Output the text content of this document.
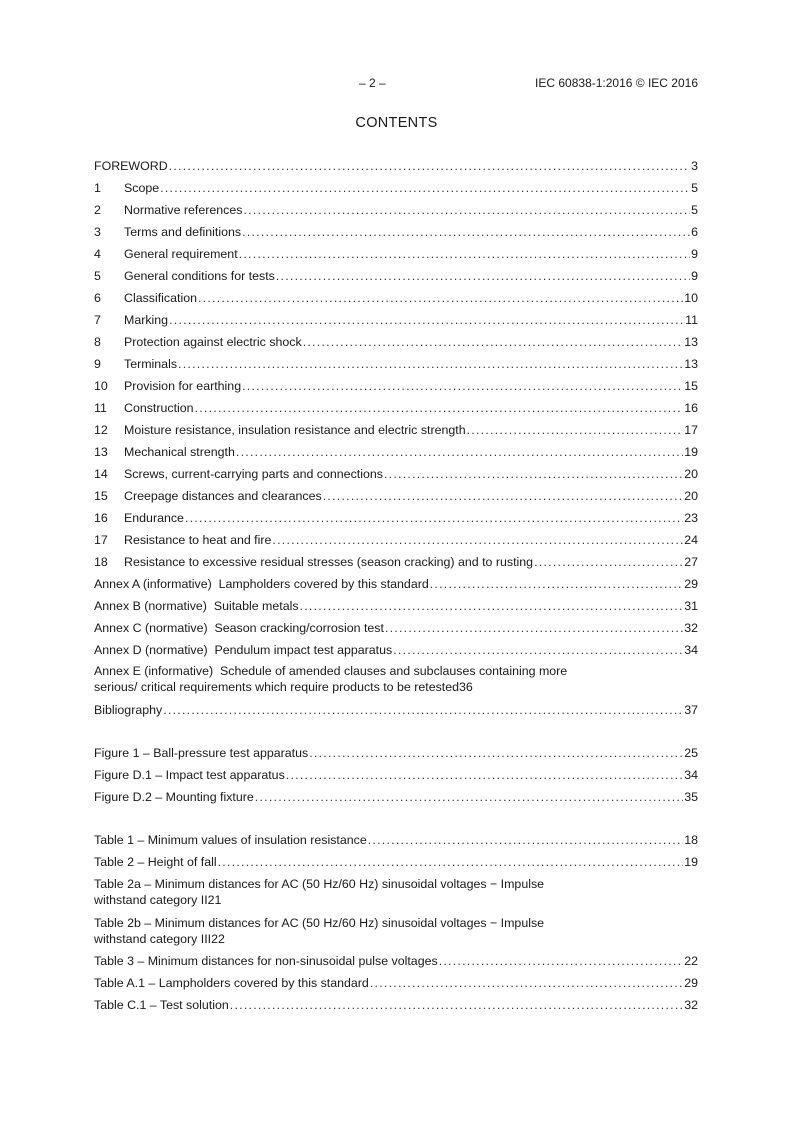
– 2 –	IEC 60838-1:2016 © IEC 2016
CONTENTS
FOREWORD . . .	3
1	Scope . . .	5
2	Normative references . . .	5
3	Terms and definitions . . .	6
4	General requirement . . .	9
5	General conditions for tests . . .	9
6	Classification . . .	10
7	Marking . . .	11
8	Protection against electric shock . . .	13
9	Terminals . . .	13
10	Provision for earthing . . .	15
11	Construction . . .	16
12	Moisture resistance, insulation resistance and electric strength . . .	17
13	Mechanical strength . . .	19
14	Screws, current-carrying parts and connections . . .	20
15	Creepage distances and clearances . . .	20
16	Endurance . . .	23
17	Resistance to heat and fire . . .	24
18	Resistance to excessive residual stresses (season cracking) and to rusting . . .	27
Annex A (informative)  Lampholders covered by this standard . . .	29
Annex B (normative)  Suitable metals . . .	31
Annex C (normative)  Season cracking/corrosion test . . .	32
Annex D (normative)  Pendulum impact test apparatus . . .	34
Annex E (informative)  Schedule of amended clauses and subclauses containing more
serious/ critical requirements which require products to be retested 36
Bibliography . . .	37
Figure 1 – Ball-pressure test apparatus . . .	25
Figure D.1 – Impact test apparatus . . .	34
Figure D.2 – Mounting fixture . . .	35
Table 1 – Minimum values of insulation resistance . . .	18
Table 2 – Height of fall . . .	19
Table 2a – Minimum distances for AC (50 Hz/60 Hz) sinusoidal voltages − Impulse
withstand category II 21
Table 2b – Minimum distances for AC (50 Hz/60 Hz) sinusoidal voltages − Impulse
withstand category III 22
Table 3 – Minimum distances for non-sinusoidal pulse voltages . . .	22
Table A.1 – Lampholders covered by this standard . . .	29
Table C.1 – Test solution . . .	32
